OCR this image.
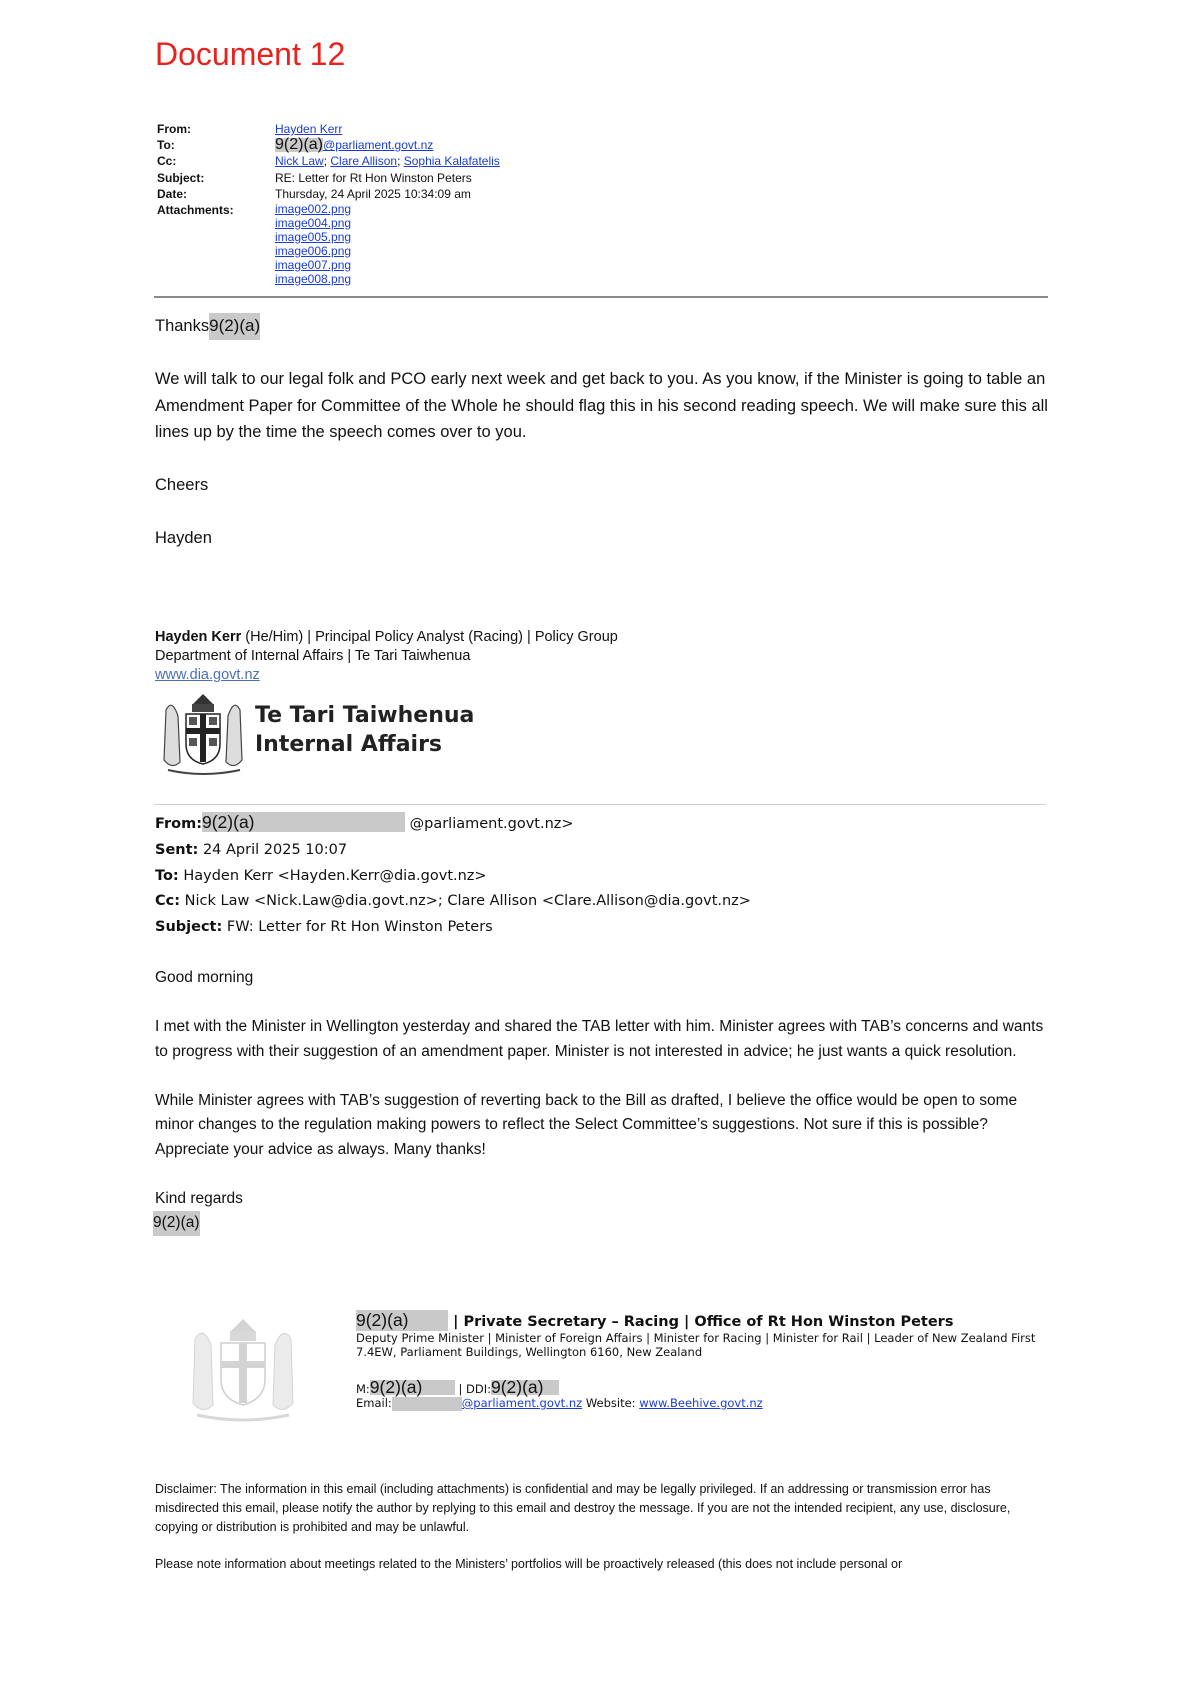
Document 12
From:	Hayden Kerr
To:	9(2)(a)@parliament.govt.nz
Cc:	Nick Law; Clare Allison; Sophia Kalafatelis
Subject:	RE: Letter for Rt Hon Winston Peters
Date:	Thursday, 24 April 2025 10:34:09 am
Attachments:	image002.png
image004.png
image005.png
image006.png
image007.png
image008.png

Thanks9(2)(a)

We will talk to our legal folk and PCO early next week and get back to you. As you know, if the Minister is going to table an Amendment Paper for Committee of the Whole he should flag this in his second reading speech. We will make sure this all lines up by the time the speech comes over to you.

Cheers

Hayden

Hayden Kerr (He/Him) | Principal Policy Analyst (Racing) | Policy Group
Department of Internal Affairs | Te Tari Taiwhenua
www.dia.govt.nz
Te Tari Taiwhenua
Internal Affairs
From:9(2)(a)	@parliament.govt.nz>
Sent: 24 April 2025 10:07
To: Hayden Kerr <Hayden.Kerr@dia.govt.nz>
Cc: Nick Law <Nick.Law@dia.govt.nz>; Clare Allison <Clare.Allison@dia.govt.nz>
Subject: FW: Letter for Rt Hon Winston Peters

Good morning

I met with the Minister in Wellington yesterday and shared the TAB letter with him. Minister agrees with TAB’s concerns and wants to progress with their suggestion of an amendment paper. Minister is not interested in advice; he just wants a quick resolution.

While Minister agrees with TAB’s suggestion of reverting back to the Bill as drafted, I believe the office would be open to some minor changes to the regulation making powers to reflect the Select Committee’s suggestions. Not sure if this is possible? Appreciate your advice as always. Many thanks!

Kind regards
9(2)(a)
9(2)(a)	| Private Secretary – Racing | Office of Rt Hon Winston Peters
Deputy Prime Minister | Minister of Foreign Affairs | Minister for Racing | Minister for Rail | Leader of New Zealand First
7.4EW, Parliament Buildings, Wellington 6160, New Zealand
M:9(2)(a)	| DDI:9(2)(a)
Email:	@parliament.govt.nz Website: www.Beehive.govt.nz

Disclaimer: The information in this email (including attachments) is confidential and may be legally privileged. If an addressing or transmission error has misdirected this email, please notify the author by replying to this email and destroy the message. If you are not the intended recipient, any use, disclosure, copying or distribution is prohibited and may be unlawful.

Please note information about meetings related to the Ministers’ portfolios will be proactively released (this does not include personal or
